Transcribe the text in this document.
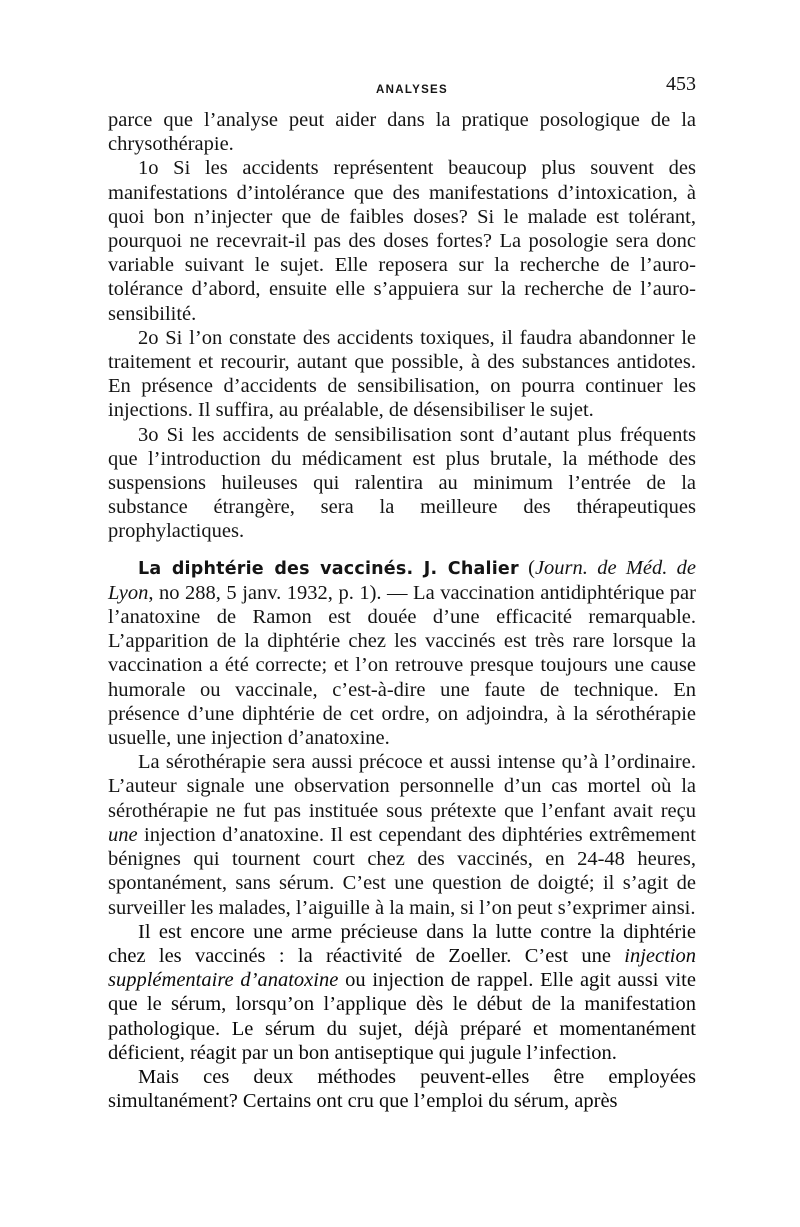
ANALYSES	453

parce que l’analyse peut aider dans la pratique posologique de la chrysothérapie.

1o Si les accidents représentent beaucoup plus souvent des manifestations d’intolérance que des manifestations d’intoxication, à quoi bon n’injecter que de faibles doses? Si le malade est tolérant, pourquoi ne recevrait-il pas des doses fortes? La posologie sera donc variable suivant le sujet. Elle reposera sur la recherche de l’auro-tolérance d’abord, ensuite elle s’appuiera sur la recherche de l’auro-sensibilité.

2o Si l’on constate des accidents toxiques, il faudra abandonner le traitement et recourir, autant que possible, à des substances antidotes. En présence d’accidents de sensibilisation, on pourra continuer les injections. Il suffira, au préalable, de désensibiliser le sujet.

3o Si les accidents de sensibilisation sont d’autant plus fréquents que l’introduction du médicament est plus brutale, la méthode des suspensions huileuses qui ralentira au minimum l’entrée de la substance étrangère, sera la meilleure des thérapeutiques prophylactiques.

La diphtérie des vaccinés. J. Chalier (Journ. de Méd. de Lyon, no 288, 5 janv. 1932, p. 1). — La vaccination antidiphtérique par l’anatoxine de Ramon est douée d’une efficacité remarquable. L’apparition de la diphtérie chez les vaccinés est très rare lorsque la vaccination a été correcte; et l’on retrouve presque toujours une cause humorale ou vaccinale, c’est-à-dire une faute de technique. En présence d’une diphtérie de cet ordre, on adjoindra, à la sérothérapie usuelle, une injection d’anatoxine.

La sérothérapie sera aussi précoce et aussi intense qu’à l’ordinaire. L’auteur signale une observation personnelle d’un cas mortel où la sérothérapie ne fut pas instituée sous prétexte que l’enfant avait reçu une injection d’anatoxine. Il est cependant des diphtéries extrêmement bénignes qui tournent court chez des vaccinés, en 24-48 heures, spontanément, sans sérum. C’est une question de doigté; il s’agit de surveiller les malades, l’aiguille à la main, si l’on peut s’exprimer ainsi.

Il est encore une arme précieuse dans la lutte contre la diphtérie chez les vaccinés : la réactivité de Zoeller. C’est une injection supplémentaire d’anatoxine ou injection de rappel. Elle agit aussi vite que le sérum, lorsqu’on l’applique dès le début de la manifestation pathologique. Le sérum du sujet, déjà préparé et momentanément déficient, réagit par un bon antiseptique qui jugule l’infection.

Mais ces deux méthodes peuvent-elles être employées simultanément? Certains ont cru que l’emploi du sérum, après
